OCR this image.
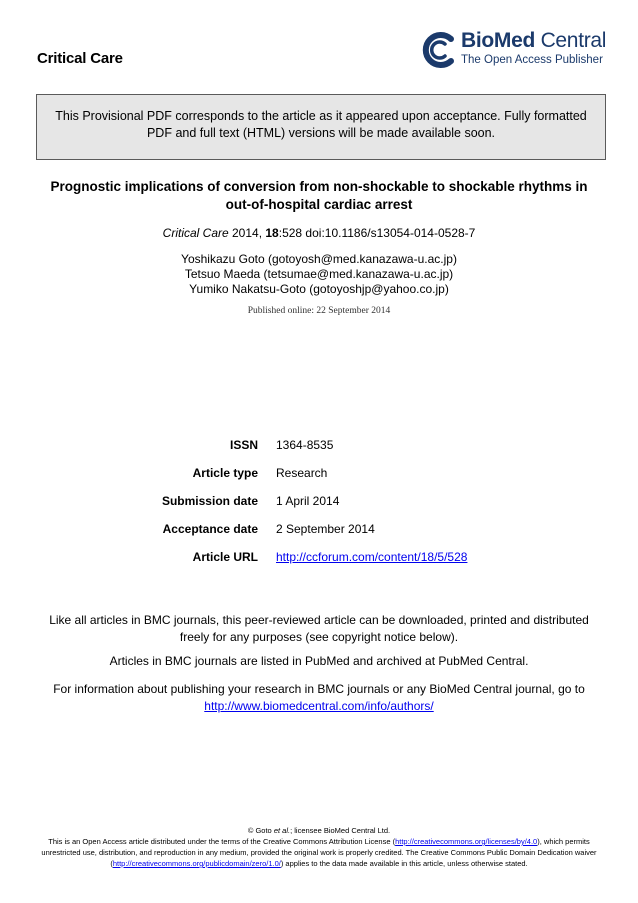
Critical Care
BioMed Central
The Open Access Publisher
This Provisional PDF corresponds to the article as it appeared upon acceptance. Fully formatted
PDF and full text (HTML) versions will be made available soon.
Prognostic implications of conversion from non-shockable to shockable rhythms in
out-of-hospital cardiac arrest
Critical Care 2014, 18:528 doi:10.1186/s13054-014-0528-7
Yoshikazu Goto (gotoyosh@med.kanazawa-u.ac.jp)
Tetsuo Maeda (tetsumae@med.kanazawa-u.ac.jp)
Yumiko Nakatsu-Goto (gotoyoshjp@yahoo.co.jp)
Published online: 22 September 2014
ISSN 1364-8535
Article type Research
Submission date 1 April 2014
Acceptance date 2 September 2014
Article URL http://ccforum.com/content/18/5/528
Like all articles in BMC journals, this peer-reviewed article can be downloaded, printed and distributed
freely for any purposes (see copyright notice below).
Articles in BMC journals are listed in PubMed and archived at PubMed Central.
For information about publishing your research in BMC journals or any BioMed Central journal, go to
http://www.biomedcentral.com/info/authors/
© Goto et al.; licensee BioMed Central Ltd.
This is an Open Access article distributed under the terms of the Creative Commons Attribution License (http://creativecommons.org/licenses/by/4.0), which permits unrestricted use, distribution, and reproduction in any medium, provided the original work is properly credited. The Creative Commons Public Domain Dedication waiver (http://creativecommons.org/publicdomain/zero/1.0/) applies to the data made available in this article, unless otherwise stated.
